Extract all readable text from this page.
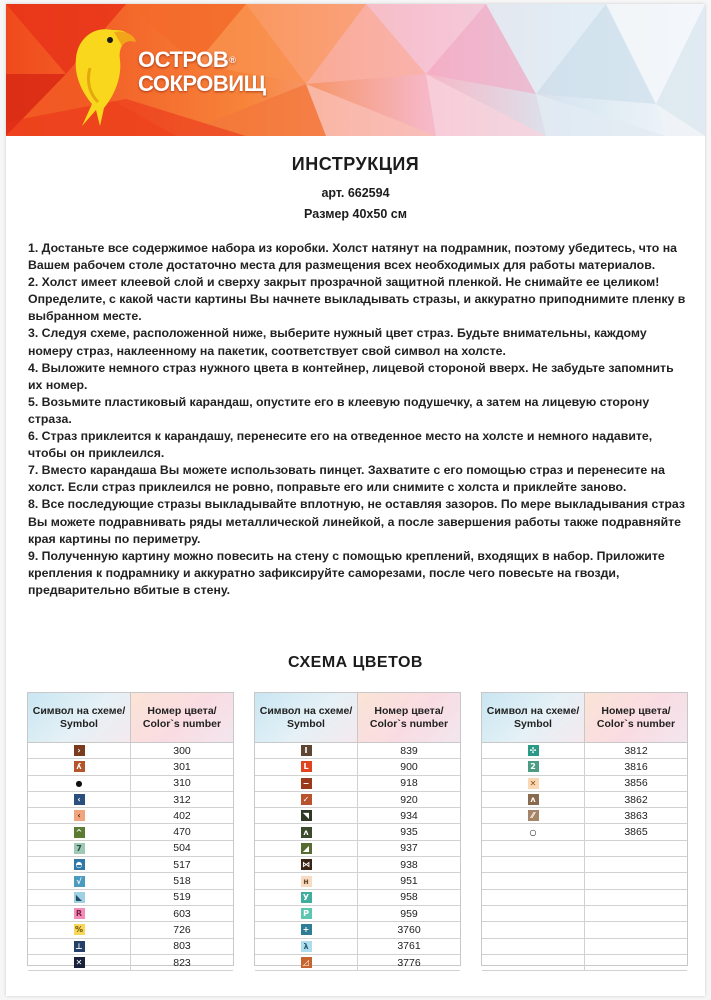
ОСТРОВ®
СОКРОВИЩ
ИНСТРУКЦИЯ
арт. 662594
Размер 40х50 см

1. Достаньте все содержимое набора из коробки. Холст натянут на подрамник, поэтому убедитесь, что на Вашем рабочем столе достаточно места для размещения всех необходимых для работы материалов.

2. Холст имеет клеевой слой и сверху закрыт прозрачной защитной пленкой. Не снимайте ее целиком! Определите, с какой части картины Вы начнете выкладывать стразы, и аккуратно приподнимите пленку в выбранном месте.

3. Следуя схеме, расположенной ниже, выберите нужный цвет страз. Будьте внимательны, каждому номеру страз, наклеенному на пакетик, соответствует свой символ на холсте.

4. Выложите немного страз нужного цвета в контейнер, лицевой стороной вверх. Не забудьте запомнить их номер.

5. Возьмите пластиковый карандаш, опустите его в клеевую подушечку, а затем на лицевую сторону стразa.

6. Страз приклеится к карандашу, перенесите его на отведенное место на холсте и немного надавите, чтобы он приклеился.

7. Вместо карандаша Вы можете использовать пинцет. Захватите с его помощью страз и перенесите на холст. Если страз приклеился не ровно, поправьте его или снимите с холста и приклейте заново.

8. Все последующие стразы выкладывайте вплотную, не оставляя зазоров. По мере выкладывания страз Вы можете подравнивать ряды металлической линейкой, а после завершения работы также подравняйте края картины по периметру.

9. Полученную картину можно повесить на стену с помощью креплений, входящих в набор. Приложите крепления к подрамнику и аккуратно зафиксируйте саморезами, после чего повесьте на гвозди, предварительно вбитые в стену.

СХЕМА ЦВЕТОВ
Символ на схеме/ Symbol
Номер цвета/ Color`s number
›	300
ʎ	301
●	310
‹	312
‹	402
^	470
7	504
◓	517
√	518
◣	519
R	603
%	726
⊥	803
✕	823
Символ на схеме/ Symbol
Номер цвета/ Color`s number
I	839
L	900
−	918
✓	920
◥	934
ʌ	935
◢	937
⋈	938
н	951
У	958
P	959
+	3760
λ	3761
◿	3776
Символ на схеме/ Symbol
Номер цвета/ Color`s number
✣	3812
2	3816
✕	3856
ʌ	3862
⁄⁄	3863
○	3865
